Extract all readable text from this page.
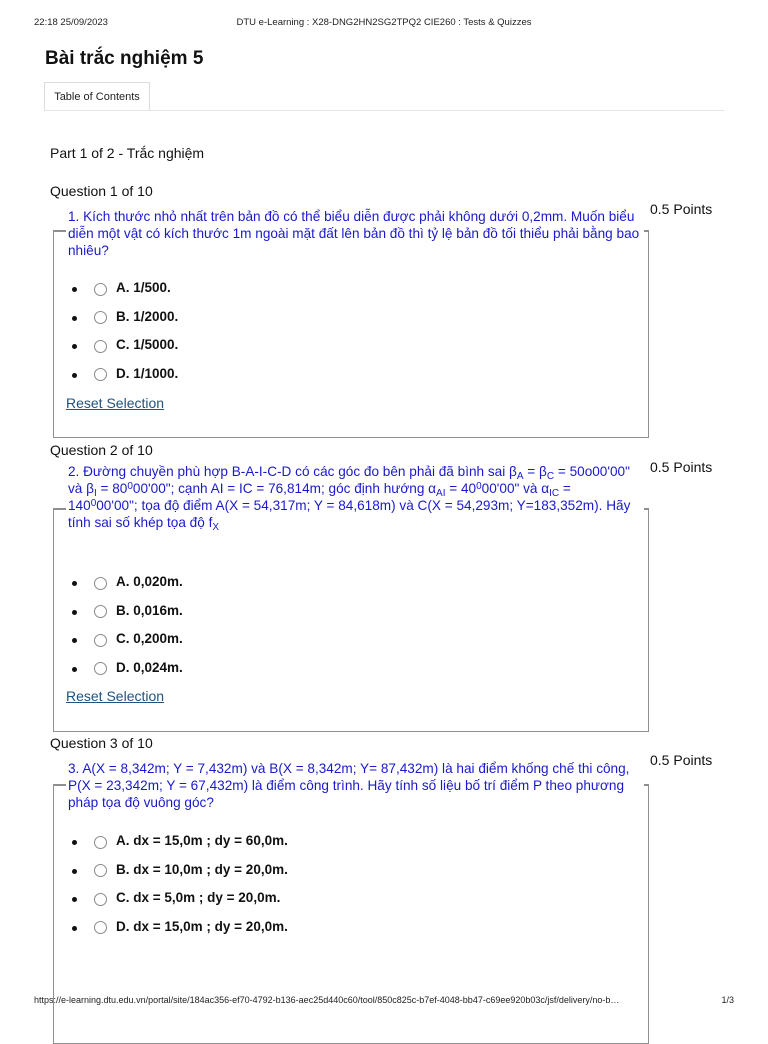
22:18 25/09/2023	DTU e-Learning : X28-DNG2HN2SG2TPQ2 CIE260 : Tests & Quizzes
Bài trắc nghiệm 5
Table of Contents
Part 1 of 2 - Trắc nghiệm
Question 1 of 10
0.5 Points

1. Kích thước nhỏ nhất trên bản đồ có thể biểu diễn được phải không dưới 0,2mm. Muốn biểu diễn một vật có kích thước 1m ngoài mặt đất lên bản đồ thì tỷ lệ bản đồ tối thiểu phải bằng bao nhiêu?

A. 1/500.
B. 1/2000.
C. 1/5000.
D. 1/1000.
Reset Selection
Question 2 of 10
0.5 Points

2. Đường chuyền phù hợp B-A-I-C-D có các góc đo bên phải đã bình sai $\beta_A = \beta_C = 50o00'00$" và $\beta_I = 80^000'00$"; cạnh AI = IC = 76,814m; góc định hướng $\alpha_{AI} = 40^000'00$" và $\alpha_{IC} = 140^000'00$"; tọa độ điểm A(X = 54,317m; Y = 84,618m) và C(X = 54,293m; Y=183,352m). Hãy tính sai số khép tọa độ $f_X$

A. 0,020m.
B. 0,016m.
C. 0,200m.
D. 0,024m.
Reset Selection
Question 3 of 10
0.5 Points

3. A(X = 8,342m; Y = 7,432m) và B(X = 8,342m; Y= 87,432m) là hai điểm khống chế thi công, P(X = 23,342m; Y = 67,432m) là điểm công trình. Hãy tính số liệu bố trí điểm P theo phương pháp tọa độ vuông góc?

A. dx = 15,0m ; dy = 60,0m.
B. dx = 10,0m ; dy = 20,0m.
C. dx = 5,0m ; dy = 20,0m.
D. dx = 15,0m ; dy = 20,0m.
https://e-learning.dtu.edu.vn/portal/site/184ac356-ef70-4792-b136-aec25d440c60/tool/850c825c-b7ef-4048-bb47-c69ee920b03c/jsf/delivery/no-b…	1/3
